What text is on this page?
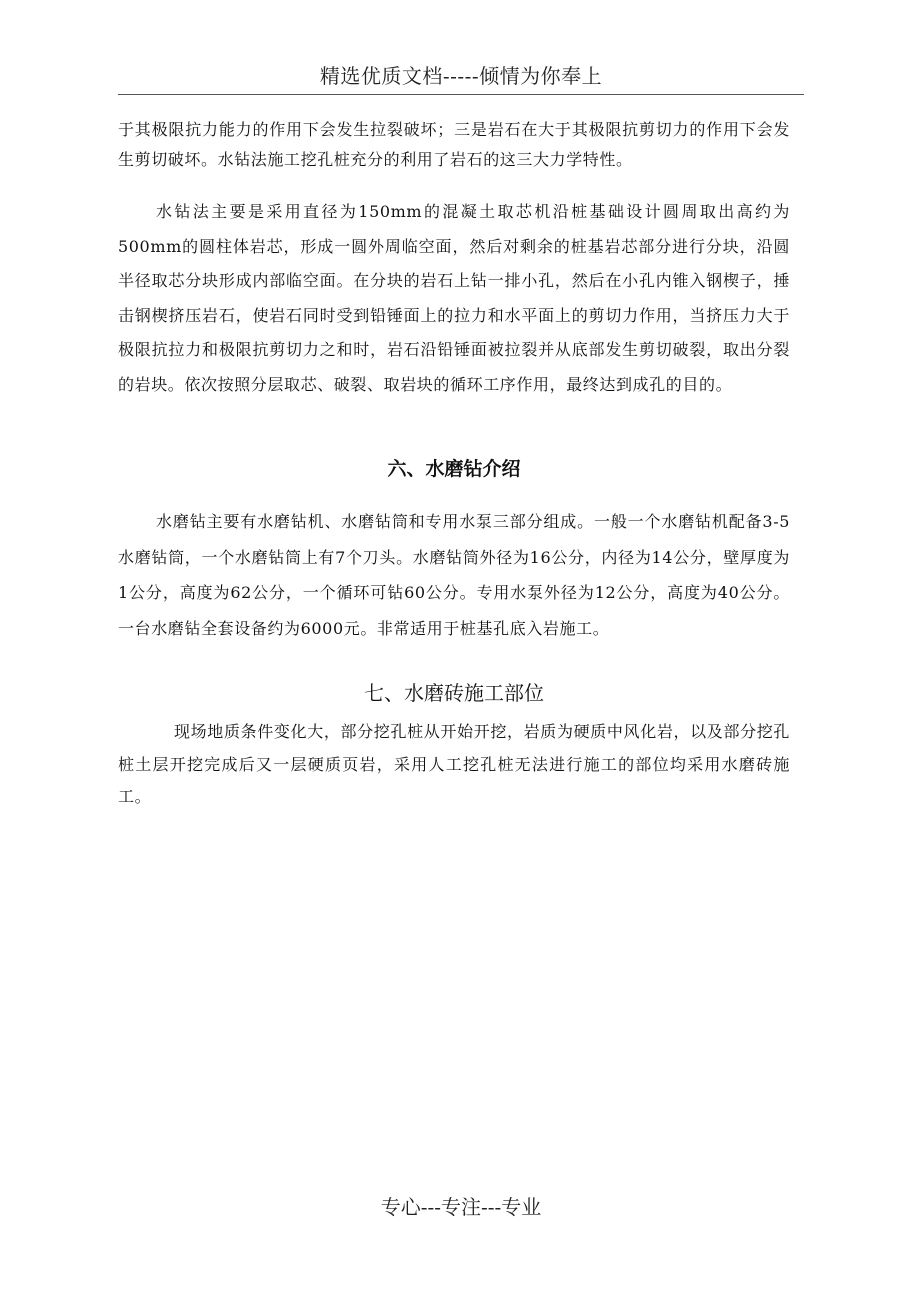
精选优质文档-----倾情为你奉上

于其极限抗力能力的作用下会发生拉裂破坏；三是岩石在大于其极限抗剪切力的作用下会发生剪切破坏。水钻法施工挖孔桩充分的利用了岩石的这三大力学特性。

水钻法主要是采用直径为150mm的混凝土取芯机沿桩基础设计圆周取出高约为500mm的圆柱体岩芯，形成一圆外周临空面，然后对剩余的桩基岩芯部分进行分块，沿圆半径取芯分块形成内部临空面。在分块的岩石上钻一排小孔，然后在小孔内锥入钢楔子，捶击钢楔挤压岩石，使岩石同时受到铅锤面上的拉力和水平面上的剪切力作用，当挤压力大于极限抗拉力和极限抗剪切力之和时，岩石沿铅锤面被拉裂并从底部发生剪切破裂，取出分裂的岩块。依次按照分层取芯、破裂、取岩块的循环工序作用，最终达到成孔的目的。

六、水磨钻介绍

水磨钻主要有水磨钻机、水磨钻筒和专用水泵三部分组成。一般一个水磨钻机配备3-5水磨钻筒，一个水磨钻筒上有7个刀头。水磨钻筒外径为16公分，内径为14公分，壁厚度为1公分，高度为62公分，一个循环可钻60公分。专用水泵外径为12公分，高度为40公分。一台水磨钻全套设备约为6000元。非常适用于桩基孔底入岩施工。

七、水磨砖施工部位

现场地质条件变化大，部分挖孔桩从开始开挖，岩质为硬质中风化岩，以及部分挖孔桩土层开挖完成后又一层硬质页岩，采用人工挖孔桩无法进行施工的部位均采用水磨砖施工。

专心---专注---专业
